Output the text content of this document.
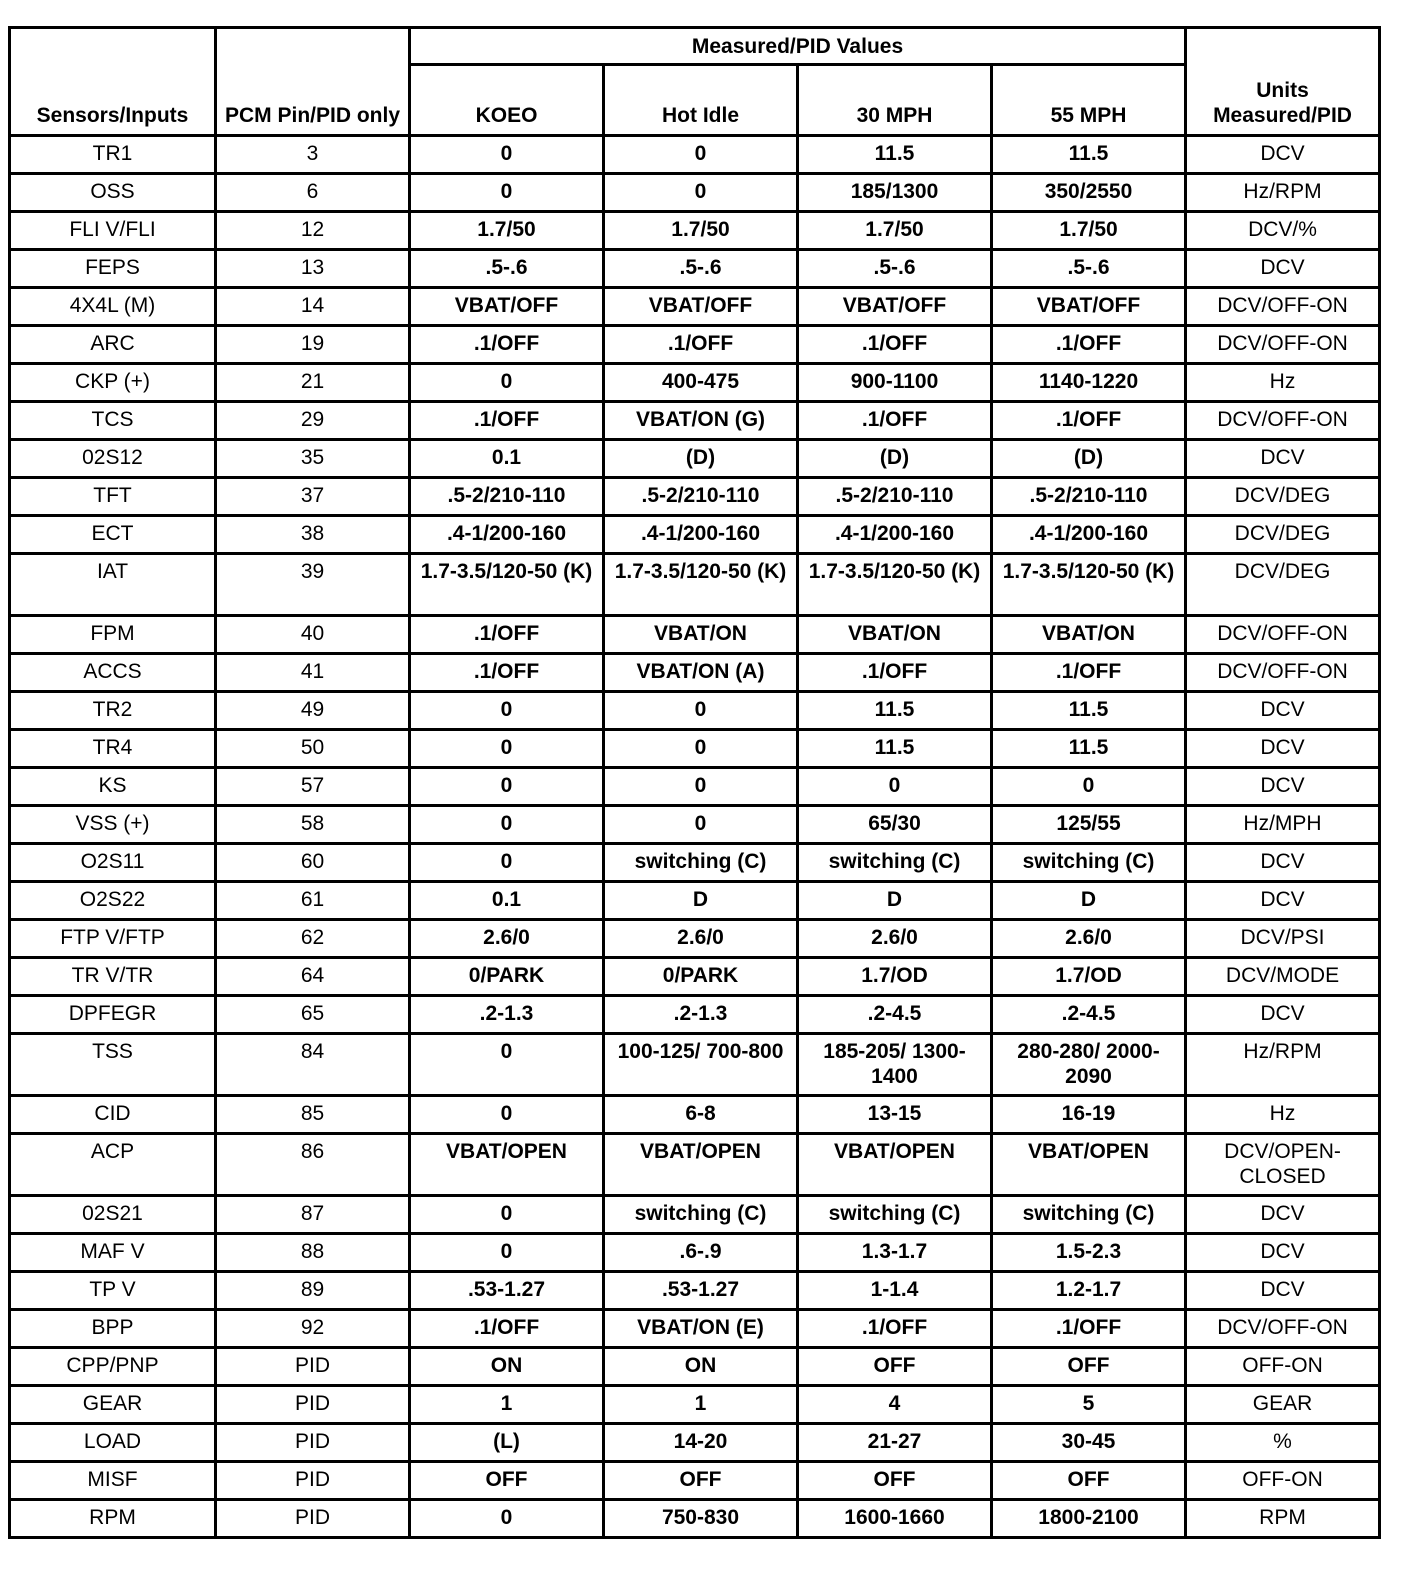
Sensors/Inputs	PCM Pin/PID only	Measured/PID Values				Units Measured/PID
		KOEO	Hot Idle	30 MPH	55 MPH	
TR1	3	0	0	11.5	11.5	DCV
OSS	6	0	0	185/1300	350/2550	Hz/RPM
FLI V/FLI	12	1.7/50	1.7/50	1.7/50	1.7/50	DCV/%
FEPS	13	.5-.6	.5-.6	.5-.6	.5-.6	DCV
4X4L (M)	14	VBAT/OFF	VBAT/OFF	VBAT/OFF	VBAT/OFF	DCV/OFF-ON
ARC	19	.1/OFF	.1/OFF	.1/OFF	.1/OFF	DCV/OFF-ON
CKP (+)	21	0	400-475	900-1100	1140-1220	Hz
TCS	29	.1/OFF	VBAT/ON (G)	.1/OFF	.1/OFF	DCV/OFF-ON
02S12	35	0.1	(D)	(D)	(D)	DCV
TFT	37	.5-2/210-110	.5-2/210-110	.5-2/210-110	.5-2/210-110	DCV/DEG
ECT	38	.4-1/200-160	.4-1/200-160	.4-1/200-160	.4-1/200-160	DCV/DEG
IAT	39	1.7-3.5/120-50 (K)	1.7-3.5/120-50 (K)	1.7-3.5/120-50 (K)	1.7-3.5/120-50 (K)	DCV/DEG
FPM	40	.1/OFF	VBAT/ON	VBAT/ON	VBAT/ON	DCV/OFF-ON
ACCS	41	.1/OFF	VBAT/ON (A)	.1/OFF	.1/OFF	DCV/OFF-ON
TR2	49	0	0	11.5	11.5	DCV
TR4	50	0	0	11.5	11.5	DCV
KS	57	0	0	0	0	DCV
VSS (+)	58	0	0	65/30	125/55	Hz/MPH
O2S11	60	0	switching (C)	switching (C)	switching (C)	DCV
O2S22	61	0.1	D	D	D	DCV
FTP V/FTP	62	2.6/0	2.6/0	2.6/0	2.6/0	DCV/PSI
TR V/TR	64	0/PARK	0/PARK	1.7/OD	1.7/OD	DCV/MODE
DPFEGR	65	.2-1.3	.2-1.3	.2-4.5	.2-4.5	DCV
TSS	84	0	100-125/ 700-800	185-205/ 1300-1400	280-280/ 2000-2090	Hz/RPM
CID	85	0	6-8	13-15	16-19	Hz
ACP	86	VBAT/OPEN	VBAT/OPEN	VBAT/OPEN	VBAT/OPEN	DCV/OPEN- CLOSED
02S21	87	0	switching (C)	switching (C)	switching (C)	DCV
MAF V	88	0	.6-.9	1.3-1.7	1.5-2.3	DCV
TP V	89	.53-1.27	.53-1.27	1-1.4	1.2-1.7	DCV
BPP	92	.1/OFF	VBAT/ON (E)	.1/OFF	.1/OFF	DCV/OFF-ON
CPP/PNP	PID	ON	ON	OFF	OFF	OFF-ON
GEAR	PID	1	1	4	5	GEAR
LOAD	PID	(L)	14-20	21-27	30-45	%
MISF	PID	OFF	OFF	OFF	OFF	OFF-ON
RPM	PID	0	750-830	1600-1660	1800-2100	RPM
